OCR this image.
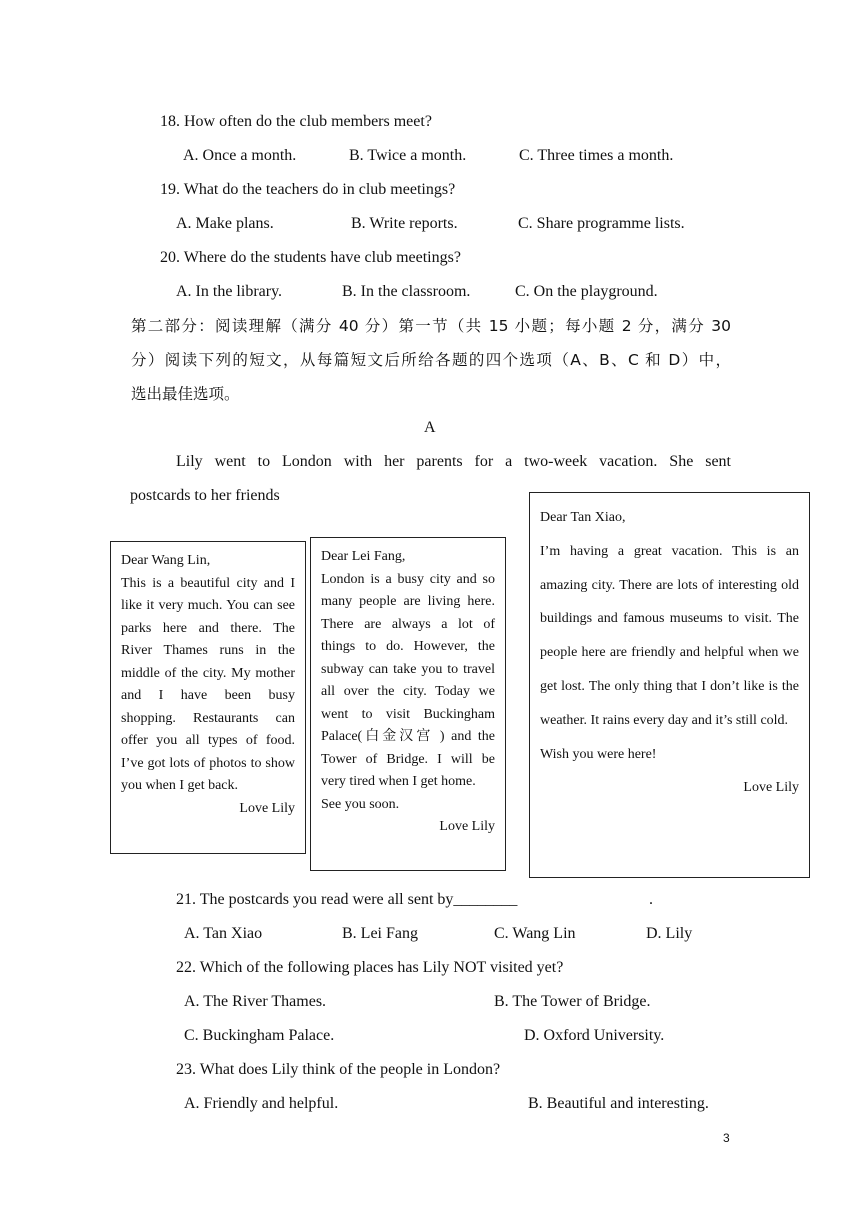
18. How often do the club members meet?
A. Once a month.	B. Twice a month.	C. Three times a month.
19. What do the teachers do in club meetings?
A. Make plans.	B. Write reports.	C. Share programme lists.
20. Where do the students have club meetings?
A. In the library.	B. In the classroom.	C. On the playground.
第二部分：阅读理解（满分 40 分）第一节（共 15 小题；每小题 2 分，满分 30
分）阅读下列的短文，从每篇短文后所给各题的四个选项（A、B、C 和 D）中，
选出最佳选项。
A
Lily went to London with her parents for a two-week vacation. She sent
postcards to her friends

Dear Wang Lin,

This is a beautiful city and I like it very much. You can see parks here and there. The River Thames runs in the middle of the city. My mother and I have been busy shopping. Restaurants can offer you all types of food. I’ve got lots of photos to show you when I get back.

Love Lily

Dear Lei Fang,

London is a busy city and so many people are living here. There are always a lot of things to do. However, the subway can take you to travel all over the city. Today we went to visit Buckingham Palace(白金汉宫 ) and the Tower of Bridge. I will be very tired when I get home.

See you soon.

Love Lily

Dear Tan Xiao,

I’m having a great vacation. This is an amazing city. There are lots of interesting old buildings and famous museums to visit. The people here are friendly and helpful when we get lost. The only thing that I don’t like is the weather. It rains every day and it’s still cold.

Wish you were here!

Love Lily

21. The postcards you read were all sent by________	.
A. Tan Xiao	B. Lei Fang	C. Wang Lin	D. Lily
22. Which of the following places has Lily NOT visited yet?
A. The River Thames.	B. The Tower of Bridge.
C. Buckingham Palace.	D. Oxford University.
23. What does Lily think of the people in London?
A. Friendly and helpful.	B. Beautiful and interesting.
3
